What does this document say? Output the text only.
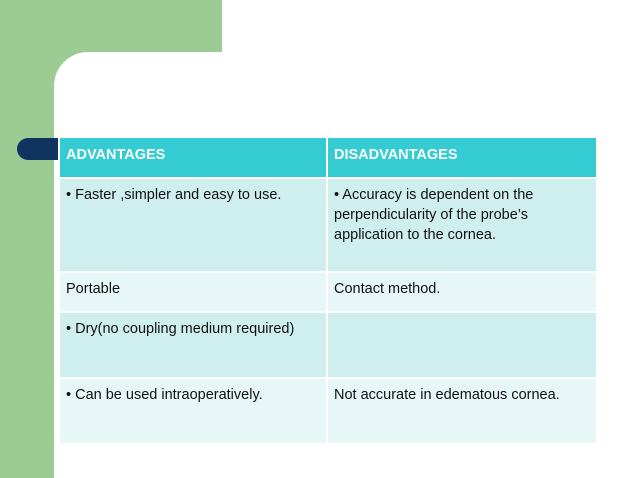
ADVANTAGES	DISADVANTAGES
• Faster ,simpler and easy to use.	• Accuracy is dependent on the perpendicularity of the probe’s application to the cornea.
Portable	Contact method.
• Dry(no coupling medium required)	
• Can be used intraoperatively.	Not accurate in edematous cornea.
